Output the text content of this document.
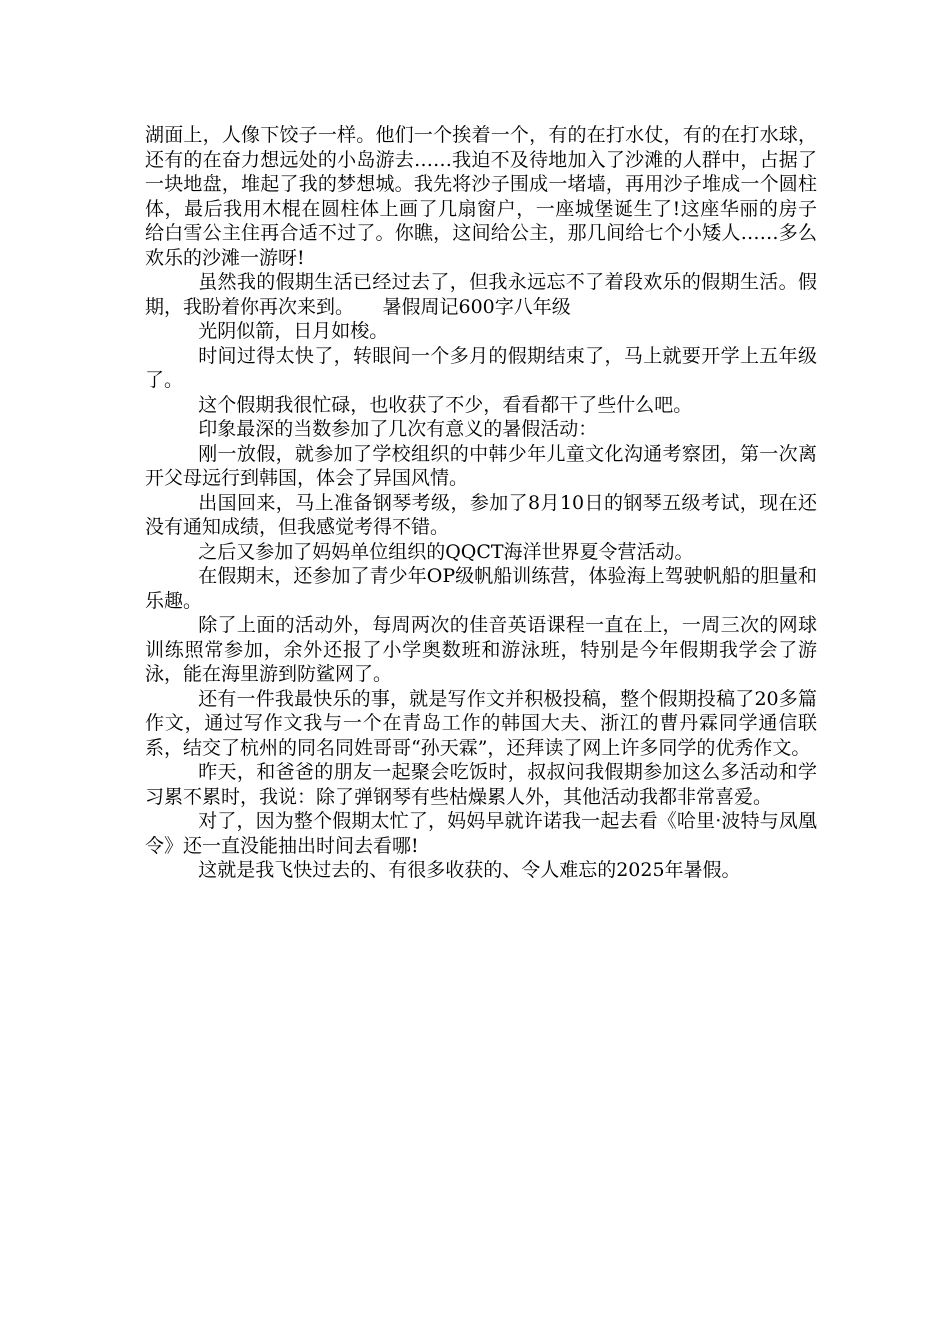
湖面上，人像下饺子一样。他们一个挨着一个，有的在打水仗，有的在打水球，还有的在奋力想远处的小岛游去……我迫不及待地加入了沙滩的人群中，占据了一块地盘，堆起了我的梦想城。我先将沙子围成一堵墙，再用沙子堆成一个圆柱体，最后我用木棍在圆柱体上画了几扇窗户，一座城堡诞生了!这座华丽的房子给白雪公主住再合适不过了。你瞧，这间给公主，那几间给七个小矮人……多么欢乐的沙滩一游呀!

虽然我的假期生活已经过去了，但我永远忘不了着段欢乐的假期生活。假期，我盼着你再次来到。　　暑假周记600字八年级

光阴似箭，日月如梭。

时间过得太快了，转眼间一个多月的假期结束了，马上就要开学上五年级了。

这个假期我很忙碌，也收获了不少，看看都干了些什么吧。

印象最深的当数参加了几次有意义的暑假活动：

刚一放假，就参加了学校组织的中韩少年儿童文化沟通考察团，第一次离开父母远行到韩国，体会了异国风情。

出国回来，马上准备钢琴考级，参加了8月10日的钢琴五级考试，现在还没有通知成绩，但我感觉考得不错。

之后又参加了妈妈单位组织的QQCT海洋世界夏令营活动。

在假期末，还参加了青少年OP级帆船训练营，体验海上驾驶帆船的胆量和乐趣。

除了上面的活动外，每周两次的佳音英语课程一直在上，一周三次的网球训练照常参加，余外还报了小学奥数班和游泳班，特别是今年假期我学会了游泳，能在海里游到防鲨网了。

还有一件我最快乐的事，就是写作文并积极投稿，整个假期投稿了20多篇作文，通过写作文我与一个在青岛工作的韩国大夫、浙江的曹丹霖同学通信联系，结交了杭州的同名同姓哥哥“孙天霖”，还拜读了网上许多同学的优秀作文。

昨天，和爸爸的朋友一起聚会吃饭时，叔叔问我假期参加这么多活动和学习累不累时，我说：除了弹钢琴有些枯燥累人外，其他活动我都非常喜爱。

对了，因为整个假期太忙了，妈妈早就许诺我一起去看《哈里·波特与凤凰令》还一直没能抽出时间去看哪!

这就是我飞快过去的、有很多收获的、令人难忘的2025年暑假。
